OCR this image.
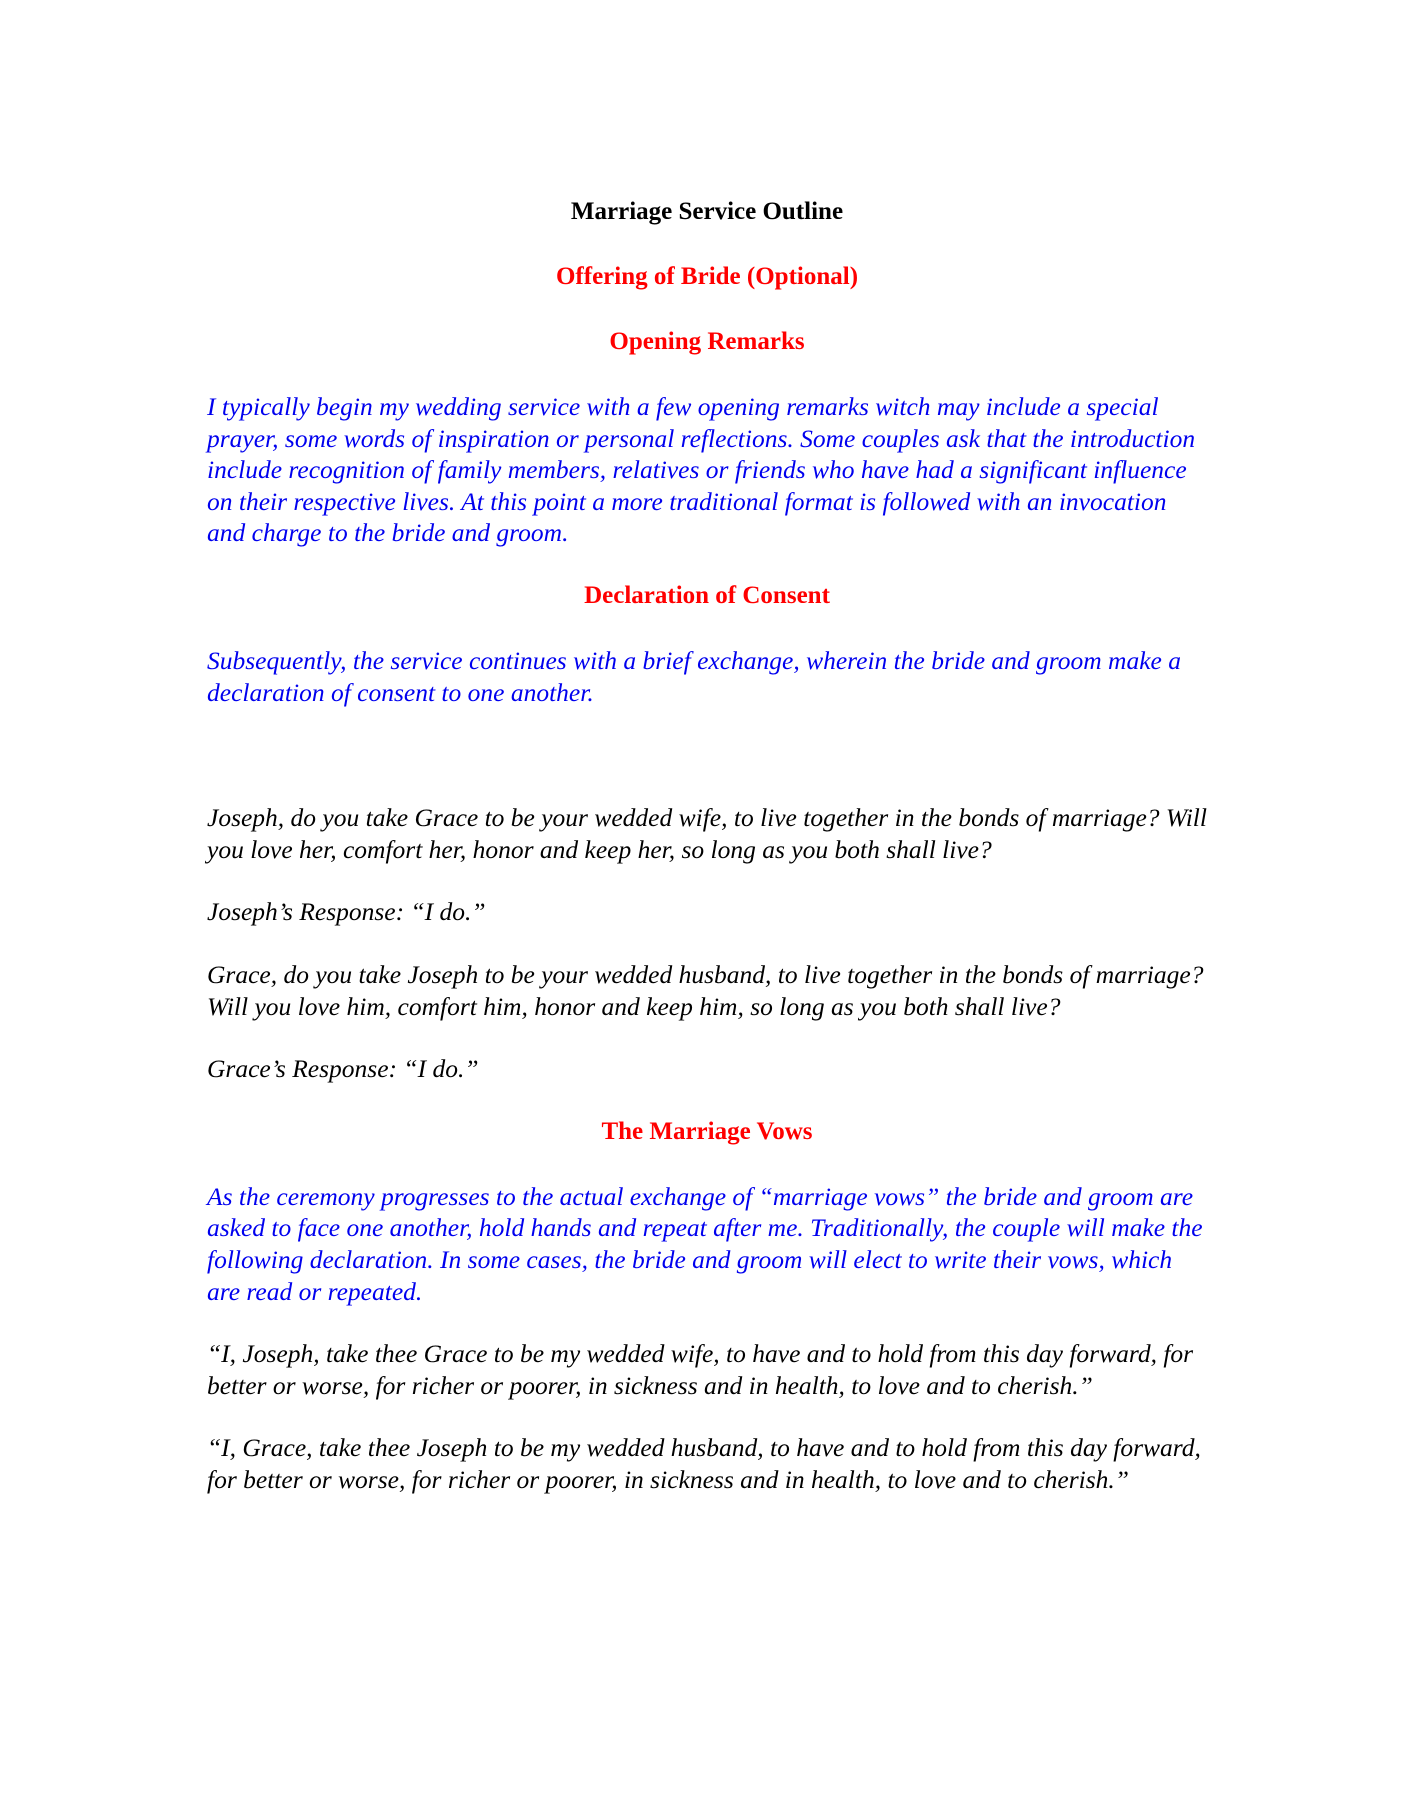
Marriage Service Outline

Offering of Bride (Optional)

Opening Remarks

I typically begin my wedding service with a few opening remarks witch may include a special prayer, some words of inspiration or personal reflections. Some couples ask that the introduction include recognition of family members, relatives or friends who have had a significant influence on their respective lives. At this point a more traditional format is followed with an invocation and charge to the bride and groom.

Declaration of Consent

Subsequently, the service continues with a brief exchange, wherein the bride and groom make a declaration of consent to one another.

Joseph, do you take Grace to be your wedded wife, to live together in the bonds of marriage? Will you love her, comfort her, honor and keep her, so long as you both shall live?

Joseph’s Response: “I do.”

Grace, do you take Joseph to be your wedded husband, to live together in the bonds of marriage? Will you love him, comfort him, honor and keep him, so long as you both shall live?

Grace’s Response: “I do.”

The Marriage Vows

As the ceremony progresses to the actual exchange of “marriage vows” the bride and groom are asked to face one another, hold hands and repeat after me. Traditionally, the couple will make the following declaration. In some cases, the bride and groom will elect to write their vows, which are read or repeated.

“I, Joseph, take thee Grace to be my wedded wife, to have and to hold from this day forward, for better or worse, for richer or poorer, in sickness and in health, to love and to cherish.”

“I, Grace, take thee Joseph to be my wedded husband, to have and to hold from this day forward, for better or worse, for richer or poorer, in sickness and in health, to love and to cherish.”
